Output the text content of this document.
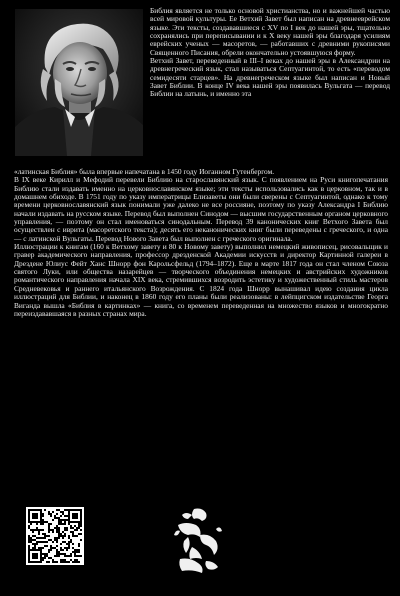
Библия является не только основой христианства, но и важнейшей частью всей мировой культуры. Ее Ветхий Завет был написан на древнееврейском языке. Эти тексты, создававшиеся с XV по I век до нашей эры, тщательно сохранялись при переписывании и к X веку нашей эры благодаря усилиям еврейских ученых — масоретов, — работавших с древними рукописями Священного Писания, обрели окончательно устоявшуюся форму.

Ветхий Завет, переведенный в III–I веках до нашей эры в Александрии на древнегреческий язык, стал называться Септуагинтой, то есть «переводом семидесяти старцев». На древнегреческом языке был написан и Новый Завет Библии. В конце IV века нашей эры появилась Вульгата — перевод Библии на латынь, и именно эта

«латинская Библия» была впервые напечатана в 1450 году Иоганном Гутенбергом.

В IX веке Кирилл и Мефодий перевели Библию на старославянский язык. С появлением на Руси книгопечатания Библию стали издавать именно на церковнославянском языке; эти тексты использовались как в церковном, так и в домашнем обиходе. В 1751 году по указу императрицы Елизаветы они были сверены с Септуагинтой, однако к тому времени церковнославянский язык понимали уже далеко не все россияне, поэтому по указу Александра I Библию начали издавать на русском языке. Перевод был выполнен Синодом — высшим государственным органом церковного управления, — поэтому он стал именоваться синодальным. Перевод 39 канонических книг Ветхого Завета был осуществлен с иврита (масоретского текста); десять его неканонических книг были переведены с греческого, и одна — с латинской Вульгаты. Перевод Нового Завета был выполнен с греческого оригинала.

Иллюстрации к книгам (160 к Ветхому завету и 80 к Новому завету) выполнил немецкий живописец, рисовальщик и гравер академического направления, профессор дрезденской Академии искусств и директор Картинной галереи в Дрездене Юлиус Фейт Ханс Шнорр фон Карольсфельд (1794–1872). Еще в марте 1817 года он стал членом Союза святого Луки, или общества назарейцев — творческого объединения немецких и австрийских художников романтического направления начала XIX века, стремившихся возродить эстетику и художественный стиль мастеров Средневековья и раннего итальянского Возрождения. С 1824 года Шнорр вынашивал идею создания цикла иллюстраций для Библии, и наконец в 1860 году его планы были реализованы: в лейпцигском издательстве Георга Виганда вышла «Библия в картинках» — книга, со временем переведенная на множество языков и многократно переиздававшаяся в разных странах мира.
